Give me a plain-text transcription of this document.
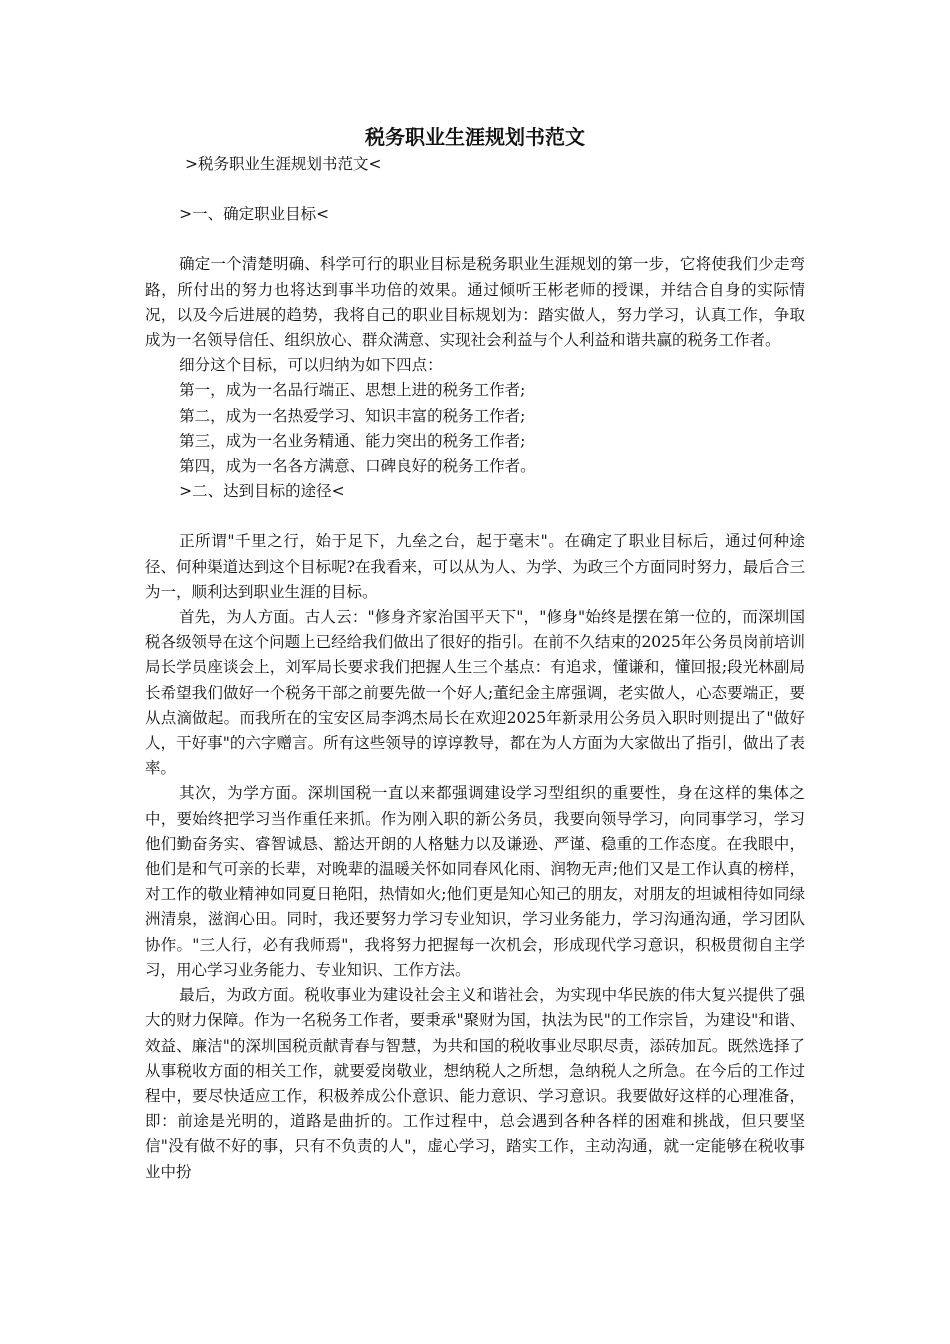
税务职业生涯规划书范文

>税务职业生涯规划书范文<

>一、确定职业目标<

确定一个清楚明确、科学可行的职业目标是税务职业生涯规划的第一步，它将使我们少走弯路，所付出的努力也将达到事半功倍的效果。通过倾听王彬老师的授课，并结合自身的实际情况，以及今后进展的趋势，我将自己的职业目标规划为：踏实做人，努力学习，认真工作，争取成为一名领导信任、组织放心、群众满意、实现社会利益与个人利益和谐共赢的税务工作者。

细分这个目标，可以归纳为如下四点：

第一，成为一名品行端正、思想上进的税务工作者;

第二，成为一名热爱学习、知识丰富的税务工作者;

第三，成为一名业务精通、能力突出的税务工作者;

第四，成为一名各方满意、口碑良好的税务工作者。

>二、达到目标的途径<

正所谓"千里之行，始于足下，九垒之台，起于毫末"。在确定了职业目标后，通过何种途径、何种渠道达到这个目标呢?在我看来，可以从为人、为学、为政三个方面同时努力，最后合三为一，顺利达到职业生涯的目标。

首先，为人方面。古人云："修身齐家治国平天下"，"修身"始终是摆在第一位的，而深圳国税各级领导在这个问题上已经给我们做出了很好的指引。在前不久结束的2025年公务员岗前培训局长学员座谈会上，刘军局长要求我们把握人生三个基点：有追求，懂谦和，懂回报;段光林副局长希望我们做好一个税务干部之前要先做一个好人;董纪金主席强调，老实做人，心态要端正，要从点滴做起。而我所在的宝安区局李鸿杰局长在欢迎2025年新录用公务员入职时则提出了"做好人，干好事"的六字赠言。所有这些领导的谆谆教导，都在为人方面为大家做出了指引，做出了表率。

其次，为学方面。深圳国税一直以来都强调建设学习型组织的重要性，身在这样的集体之中，要始终把学习当作重任来抓。作为刚入职的新公务员，我要向领导学习，向同事学习，学习他们勤奋务实、睿智诚恳、豁达开朗的人格魅力以及谦逊、严谨、稳重的工作态度。在我眼中，他们是和气可亲的长辈，对晚辈的温暖关怀如同春风化雨、润物无声;他们又是工作认真的榜样，对工作的敬业精神如同夏日艳阳，热情如火;他们更是知心知己的朋友，对朋友的坦诚相待如同绿洲清泉，滋润心田。同时，我还要努力学习专业知识，学习业务能力，学习沟通沟通，学习团队协作。"三人行，必有我师焉"，我将努力把握每一次机会，形成现代学习意识，积极贯彻自主学习，用心学习业务能力、专业知识、工作方法。

最后，为政方面。税收事业为建设社会主义和谐社会，为实现中华民族的伟大复兴提供了强大的财力保障。作为一名税务工作者，要秉承"聚财为国，执法为民"的工作宗旨，为建设"和谐、效益、廉洁"的深圳国税贡献青春与智慧，为共和国的税收事业尽职尽责，添砖加瓦。既然选择了从事税收方面的相关工作，就要爱岗敬业，想纳税人之所想，急纳税人之所急。在今后的工作过程中，要尽快适应工作，积极养成公仆意识、能力意识、学习意识。我要做好这样的心理准备，即：前途是光明的，道路是曲折的。工作过程中，总会遇到各种各样的困难和挑战，但只要坚信"没有做不好的事，只有不负责的人"，虚心学习，踏实工作，主动沟通，就一定能够在税收事业中扮
